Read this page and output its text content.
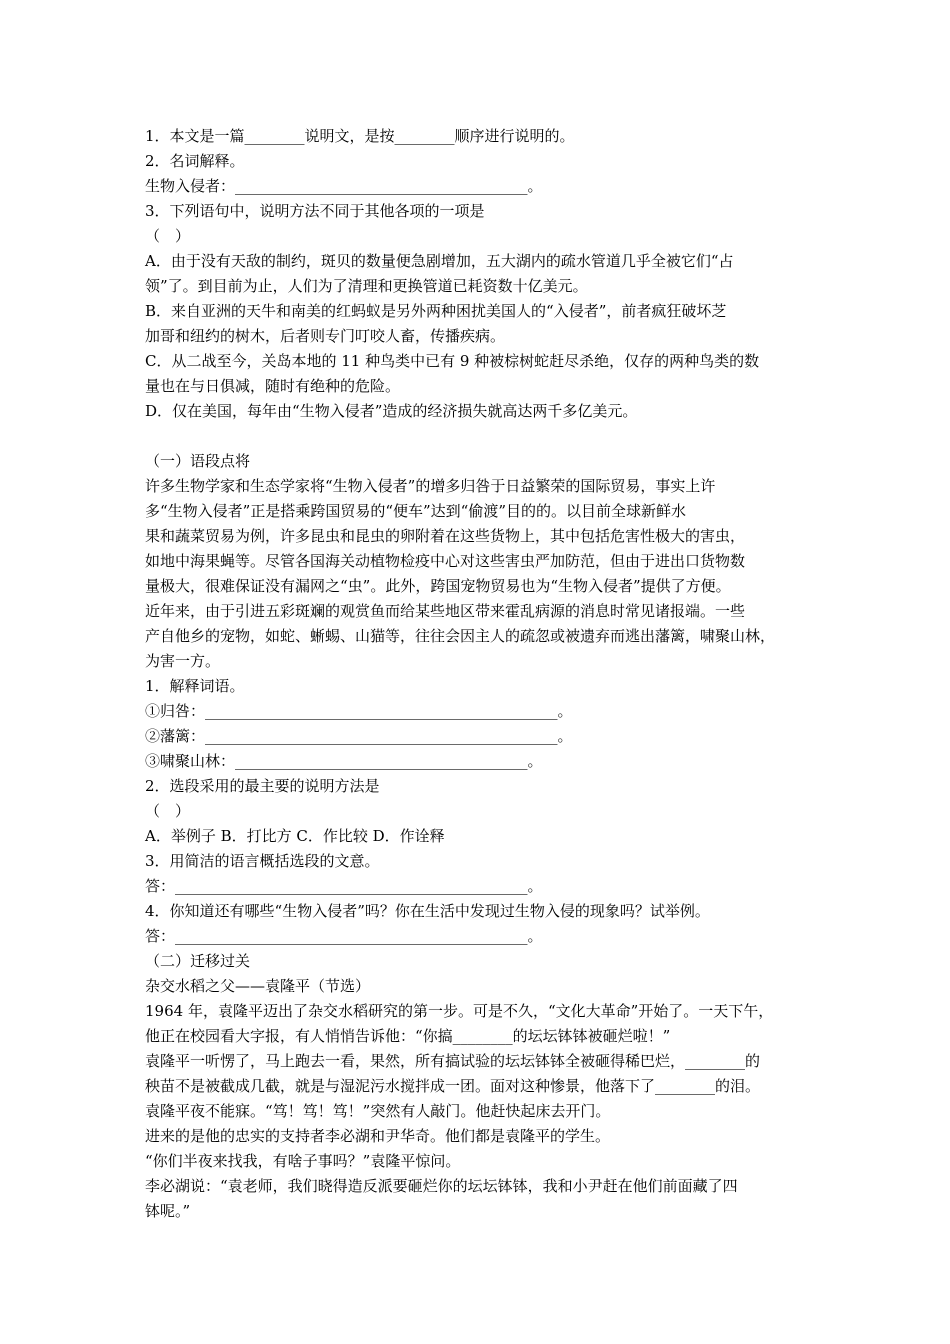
1．本文是一篇________说明文，是按________顺序进行说明的。

2．名词解释。

生物入侵者：_______________________________________。

3．下列语句中，说明方法不同于其他各项的一项是

（　）

A．由于没有天敌的制约，斑贝的数量便急剧增加，五大湖内的疏水管道几乎全被它们“占

领”了。到目前为止，人们为了清理和更换管道已耗资数十亿美元。

B．来自亚洲的天牛和南美的红蚂蚁是另外两种困扰美国人的“入侵者”，前者疯狂破坏芝

加哥和纽约的树木，后者则专门叮咬人畜，传播疾病。

C．从二战至今，关岛本地的 11 种鸟类中已有 9 种被棕树蛇赶尽杀绝，仅存的两种鸟类的数

量也在与日俱减，随时有绝种的危险。

D．仅在美国，每年由“生物入侵者”造成的经济损失就高达两千多亿美元。

（一）语段点将

许多生物学家和生态学家将“生物入侵者”的增多归咎于日益繁荣的国际贸易，事实上许

多“生物入侵者”正是搭乘跨国贸易的“便车”达到“偷渡”目的的。以目前全球新鲜水

果和蔬菜贸易为例，许多昆虫和昆虫的卵附着在这些货物上，其中包括危害性极大的害虫，

如地中海果蝇等。尽管各国海关动植物检疫中心对这些害虫严加防范，但由于进出口货物数

量极大，很难保证没有漏网之“虫”。此外，跨国宠物贸易也为“生物入侵者”提供了方便。

近年来，由于引进五彩斑斓的观赏鱼而给某些地区带来霍乱病源的消息时常见诸报端。一些

产自他乡的宠物，如蛇、蜥蜴、山猫等，往往会因主人的疏忽或被遗弃而逃出藩篱，啸聚山林，

为害一方。

1．解释词语。

①归咎：_______________________________________________。

②藩篱：_______________________________________________。

③啸聚山林：_______________________________________。

2．选段采用的最主要的说明方法是

（　）

A．举例子 B．打比方 C．作比较 D．作诠释

3．用简洁的语言概括选段的文意。

答：_______________________________________________。

4．你知道还有哪些“生物入侵者”吗？你在生活中发现过生物入侵的现象吗？试举例。

答：_______________________________________________。

（二）迁移过关

杂交水稻之父——袁隆平（节选）

1964 年，袁隆平迈出了杂交水稻研究的第一步。可是不久，“文化大革命”开始了。一天下午，

他正在校园看大字报，有人悄悄告诉他：“你搞________的坛坛钵钵被砸烂啦！”

袁隆平一听愣了，马上跑去一看，果然，所有搞试验的坛坛钵钵全被砸得稀巴烂，________的

秧苗不是被截成几截，就是与湿泥污水搅拌成一团。面对这种惨景，他落下了________的泪。

袁隆平夜不能寐。“笃！笃！笃！”突然有人敲门。他赶快起床去开门。

进来的是他的忠实的支持者李必湖和尹华奇。他们都是袁隆平的学生。

“你们半夜来找我，有啥子事吗？”袁隆平惊问。

李必湖说：“袁老师，我们晓得造反派要砸烂你的坛坛钵钵，我和小尹赶在他们前面藏了四

钵呢。”
